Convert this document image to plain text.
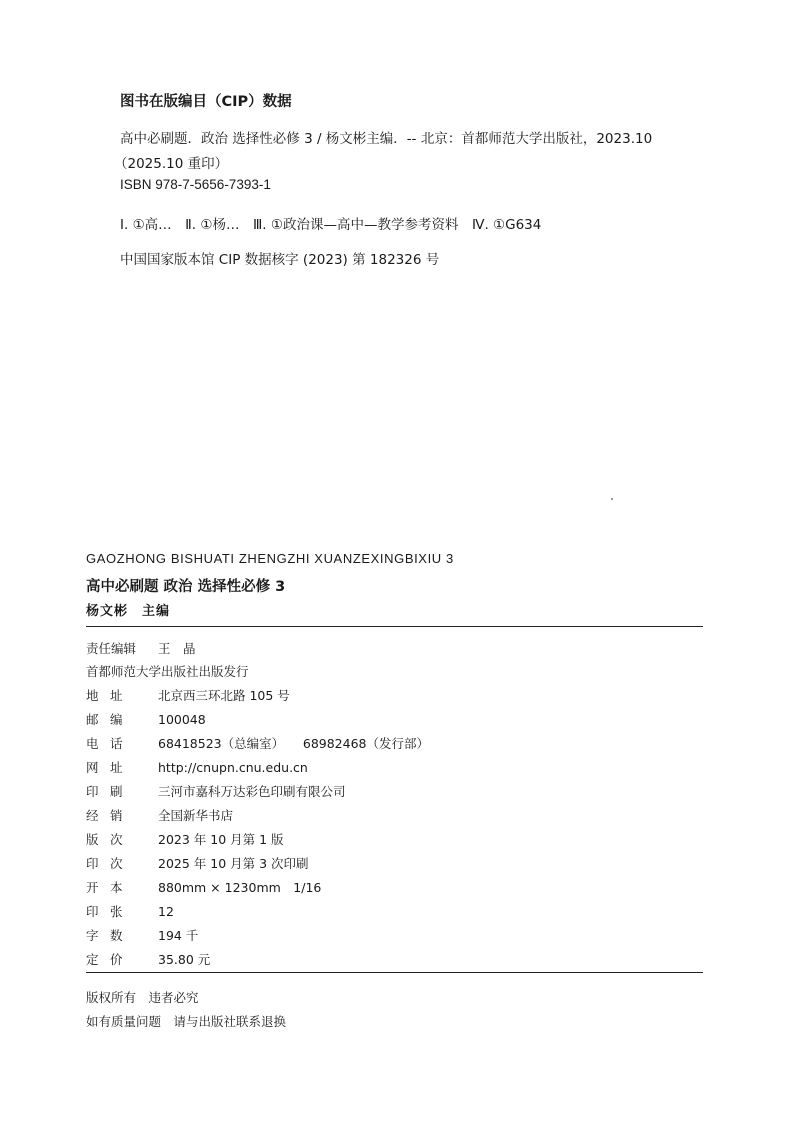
图书在版编目（CIP）数据
高中必刷题．政治 选择性必修 3 / 杨文彬主编．-- 北京：首都师范大学出版社，2023.10
（2025.10 重印）
ISBN 978-7-5656-7393-1
Ⅰ. ①高…　Ⅱ. ①杨…　Ⅲ. ①政治课—高中—教学参考资料　Ⅳ. ①G634
中国国家版本馆 CIP 数据核字 (2023) 第 182326 号
GAOZHONG BISHUATI ZHENGZHI XUANZEXINGBIXIU 3
高中必刷题 政治 选择性必修 3
杨文彬　主编
责任编辑 王　晶
首都师范大学出版社出版发行
地 址	北京西三环北路 105 号
邮 编	100048
电 话	68418523（总编室）　　68982468（发行部）
网 址	http://cnupn.cnu.edu.cn
印 刷	三河市嘉科万达彩色印刷有限公司
经 销	全国新华书店
版 次	2023 年 10 月第 1 版
印 次	2025 年 10 月第 3 次印刷
开 本	880mm × 1230mm　1/16
印 张	12
字 数	194 千
定 价	35.80 元
版权所有　违者必究
如有质量问题　请与出版社联系退换
